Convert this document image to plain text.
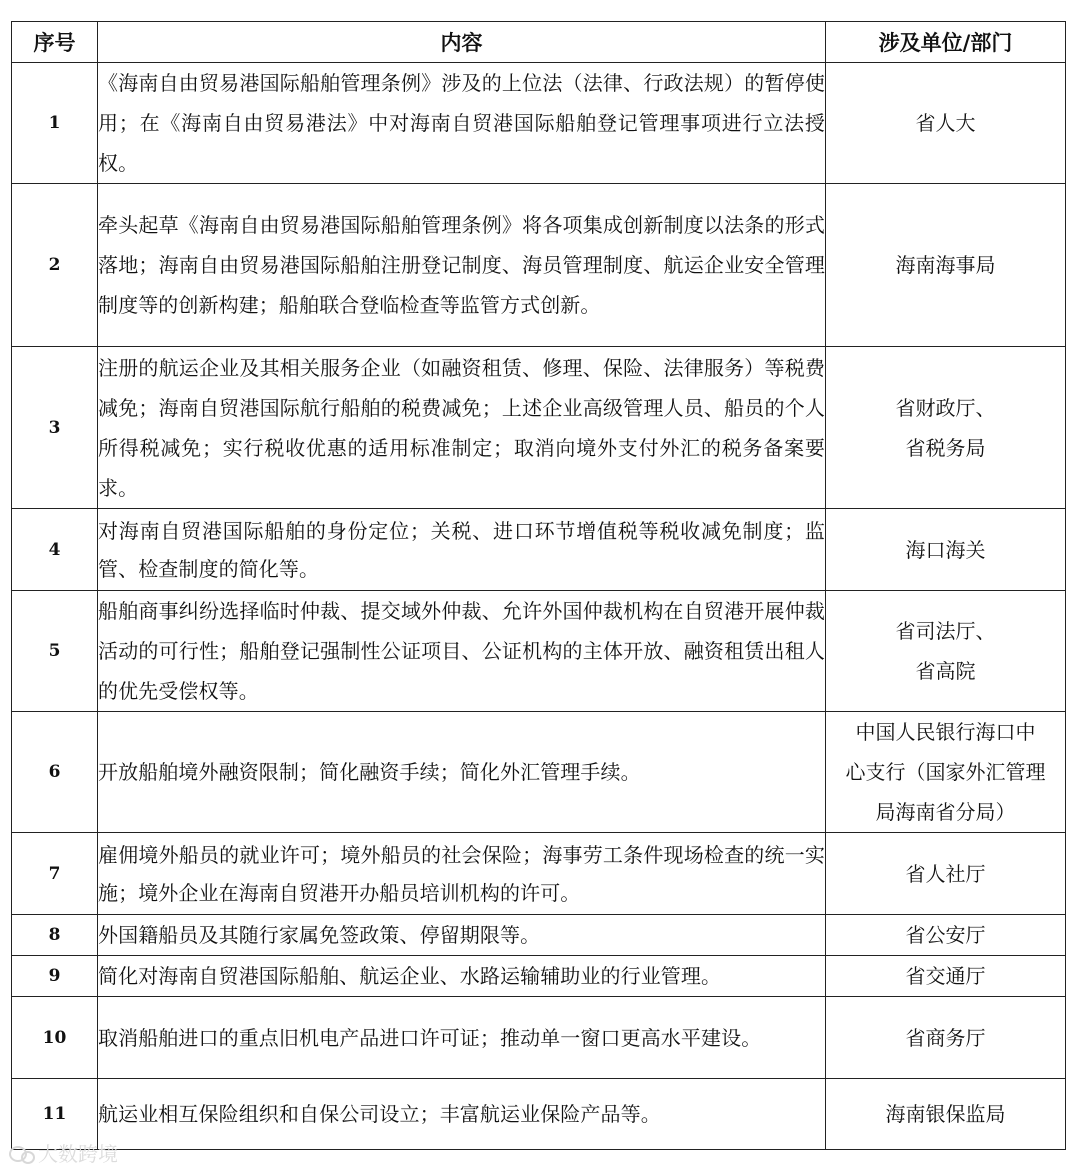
序号	内容	涉及单位/部门
1	《海南自由贸易港国际船舶管理条例》涉及的上位法（法律、行政法规）的暂停使用；在《海南自由贸易港法》中对海南自贸港国际船舶登记管理事项进行立法授权。	省人大

2	牵头起草《海南自由贸易港国际船舶管理条例》将各项集成创新制度以法条的形式落地；海南自由贸易港国际船舶注册登记制度、海员管理制度、航运企业安全管理制度等的创新构建；船舶联合登临检查等监管方式创新。	海南海事局

3	注册的航运企业及其相关服务企业（如融资租赁、修理、保险、法律服务）等税费减免；海南自贸港国际航行船舶的税费减免；上述企业高级管理人员、船员的个人所得税减免；实行税收优惠的适用标准制定；取消向境外支付外汇的税务备案要求。	省财政厅、
省税务局

4	对海南自贸港国际船舶的身份定位；关税、进口环节增值税等税收减免制度；监管、检查制度的简化等。	海口海关

5	船舶商事纠纷选择临时仲裁、提交域外仲裁、允许外国仲裁机构在自贸港开展仲裁活动的可行性；船舶登记强制性公证项目、公证机构的主体开放、融资租赁出租人的优先受偿权等。	省司法厅、
省高院

6	开放船舶境外融资限制；简化融资手续；简化外汇管理手续。	中国人民银行海口中
心支行（国家外汇管理
局海南省分局）

7	雇佣境外船员的就业许可；境外船员的社会保险；海事劳工条件现场检查的统一实施；境外企业在海南自贸港开办船员培训机构的许可。	省人社厅

8	外国籍船员及其随行家属免签政策、停留期限等。	省公安厅

9	简化对海南自贸港国际船舶、航运企业、水路运输辅助业的行业管理。	省交通厅

10	取消船舶进口的重点旧机电产品进口许可证；推动单一窗口更高水平建设。	省商务厅

11	航运业相互保险组织和自保公司设立；丰富航运业保险产品等。	海南银保监局
大数跨境
